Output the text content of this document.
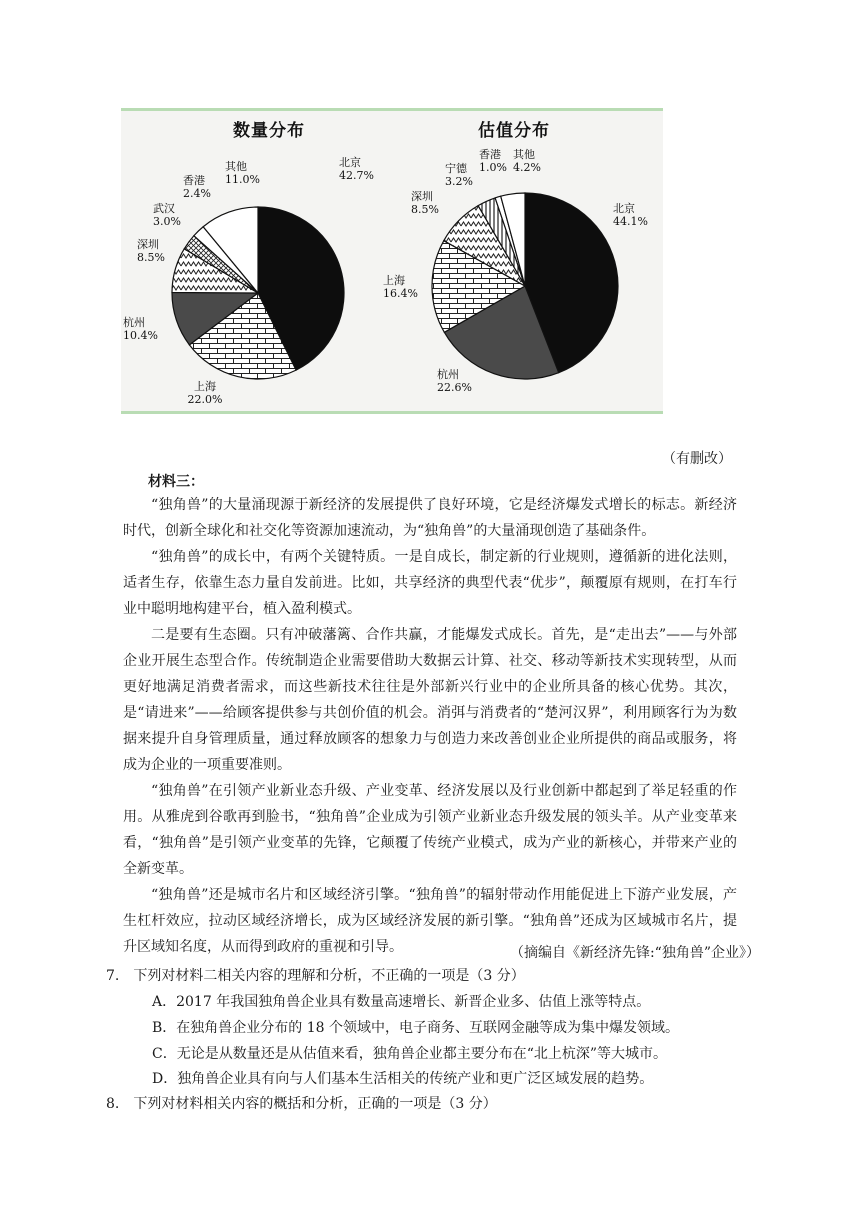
数量分布	估值分布
北京
42.7%
上海
22.0%
杭州
10.4%
深圳
8.5%
武汉
3.0%
香港
2.4%
其他
11.0%
北京
44.1%
杭州
22.6%
上海
16.4%
深圳
8.5%
宁德
3.2%
香港
1.0%
其他
4.2%
（有删改）
材料三：

“独角兽”的大量涌现源于新经济的发展提供了良好环境，它是经济爆发式增长的标志。新经济时代，创新全球化和社交化等资源加速流动，为“独角兽”的大量涌现创造了基础条件。

“独角兽”的成长中，有两个关键特质。一是自成长，制定新的行业规则，遵循新的进化法则，适者生存，依靠生态力量自发前进。比如，共享经济的典型代表“优步”，颠覆原有规则，在打车行业中聪明地构建平台，植入盈利模式。

二是要有生态圈。只有冲破藩篱、合作共赢，才能爆发式成长。首先，是“走出去”——与外部企业开展生态型合作。传统制造企业需要借助大数据云计算、社交、移动等新技术实现转型，从而更好地满足消费者需求，而这些新技术往往是外部新兴行业中的企业所具备的核心优势。其次，是“请进来”——给顾客提供参与共创价值的机会。消弭与消费者的“楚河汉界”，利用顾客行为为数据来提升自身管理质量，通过释放顾客的想象力与创造力来改善创业企业所提供的商品或服务，将成为企业的一项重要准则。

“独角兽”在引领产业新业态升级、产业变革、经济发展以及行业创新中都起到了举足轻重的作用。从雅虎到谷歌再到脸书，“独角兽”企业成为引领产业新业态升级发展的领头羊。从产业变革来看，“独角兽”是引领产业变革的先锋，它颠覆了传统产业模式，成为产业的新核心，并带来产业的全新变革。

“独角兽”还是城市名片和区域经济引擎。“独角兽”的辐射带动作用能促进上下游产业发展，产生杠杆效应，拉动区域经济增长，成为区域经济发展的新引擎。“独角兽”还成为区域城市名片，提升区域知名度，从而得到政府的重视和引导。	（摘编自《新经济先锋:“独角兽”企业》）
7.　下列对材料二相关内容的理解和分析，不正确的一项是（3 分）
A．2017 年我国独角兽企业具有数量高速增长、新晋企业多、估值上涨等特点。
B．在独角兽企业分布的 18 个领域中，电子商务、互联网金融等成为集中爆发领域。
C．无论是从数量还是从估值来看，独角兽企业都主要分布在“北上杭深”等大城市。
D．独角兽企业具有向与人们基本生活相关的传统产业和更广泛区域发展的趋势。
8.　下列对材料相关内容的概括和分析，正确的一项是（3 分）
